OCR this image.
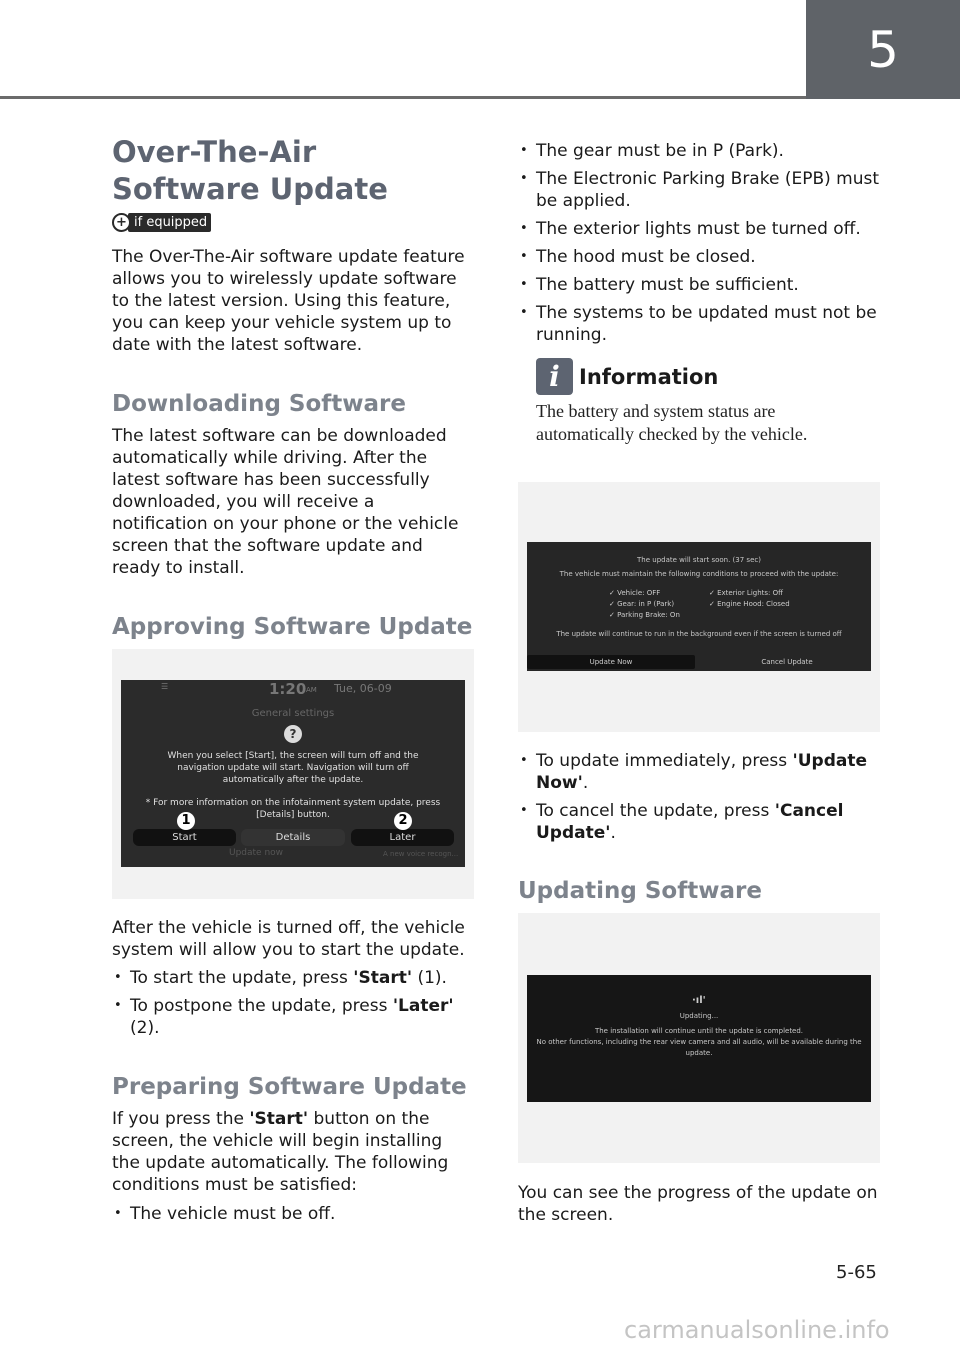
5
Over-The-Air Software Update
+ if equipped

The Over-The-Air software update feature allows you to wirelessly update software to the latest version. Using this feature, you can keep your vehicle system up to date with the latest software.

Downloading Software

The latest software can be downloaded automatically while driving. After the latest software has been successfully downloaded, you will receive a notification on your phone or the vehicle screen that the software update and ready to install.

Approving Software Update
☰	1:20 AM Tue, 06-09
General settings
?
When you select [Start], the screen will turn off and the navigation update will start. Navigation will turn off automatically after the update.
* For more information on the infotainment system update, press [Details] button.
Start	Details	Later
1	2
Update now	A new voice recogn...

After the vehicle is turned off, the vehicle system will allow you to start the update.

• To start the update, press 'Start' (1).
• To postpone the update, press 'Later' (2).
Preparing Software Update

If you press the 'Start' button on the screen, the vehicle will begin installing the update automatically. The following conditions must be satisfied:

• The vehicle must be off.
• The gear must be in P (Park).
• The Electronic Parking Brake (EPB) must be applied.
• The exterior lights must be turned off.
• The hood must be closed.
• The battery must be sufficient.
• The systems to be updated must not be running.
i Information
The battery and system status are automatically checked by the vehicle.
The update will start soon. (37 sec)
The vehicle must maintain the following conditions to proceed with the update:
✓ Vehicle: OFF
✓ Gear: in P (Park)
✓ Parking Brake: On
✓ Exterior Lights: Off
✓ Engine Hood: Closed
The update will continue to run in the background even if the screen is turned off
Update Now	Cancel Update
• To update immediately, press 'Update Now'.
• To cancel the update, press 'Cancel Update'.
Updating Software
·ıl'
Updating...
The installation will continue until the update is completed.
No other functions, including the rear view camera and all audio, will be available during the update.

You can see the progress of the update on the screen.

5-65
carmanualsonline.info
